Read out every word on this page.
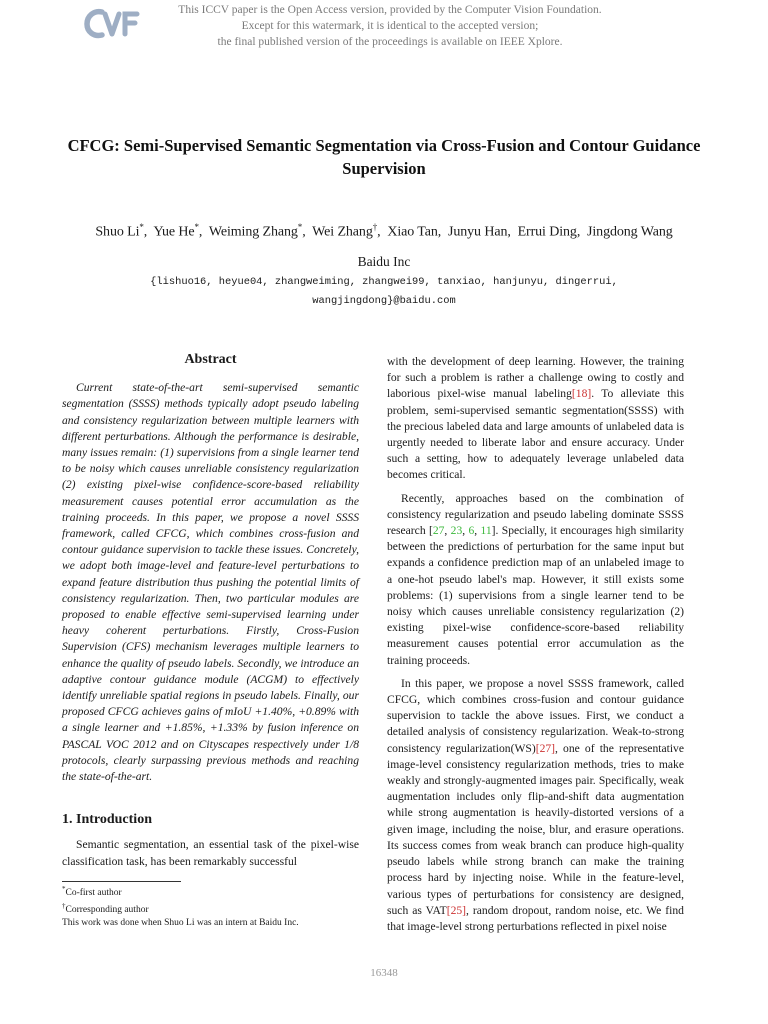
This ICCV paper is the Open Access version, provided by the Computer Vision Foundation.
Except for this watermark, it is identical to the accepted version;
the final published version of the proceedings is available on IEEE Xplore.
CFCG: Semi-Supervised Semantic Segmentation via Cross-Fusion and Contour Guidance Supervision
Shuo Li*,  Yue He*,  Weiming Zhang*,  Wei Zhang†,  Xiao Tan,  Junyu Han,  Errui Ding,  Jingdong Wang
Baidu Inc
{lishuo16, heyue04, zhangweiming, zhangwei99, tanxiao, hanjunyu, dingerrui,
wangjingdong}@baidu.com
Abstract

Current state-of-the-art semi-supervised semantic segmentation (SSSS) methods typically adopt pseudo labeling and consistency regularization between multiple learners with different perturbations. Although the performance is desirable, many issues remain: (1) supervisions from a single learner tend to be noisy which causes unreliable consistency regularization (2) existing pixel-wise confidence-score-based reliability measurement causes potential error accumulation as the training proceeds. In this paper, we propose a novel SSSS framework, called CFCG, which combines cross-fusion and contour guidance supervision to tackle these issues. Concretely, we adopt both image-level and feature-level perturbations to expand feature distribution thus pushing the potential limits of consistency regularization. Then, two particular modules are proposed to enable effective semi-supervised learning under heavy coherent perturbations. Firstly, Cross-Fusion Supervision (CFS) mechanism leverages multiple learners to enhance the quality of pseudo labels. Secondly, we introduce an adaptive contour guidance module (ACGM) to effectively identify unreliable spatial regions in pseudo labels. Finally, our proposed CFCG achieves gains of mIoU +1.40%, +0.89% with a single learner and +1.85%, +1.33% by fusion inference on PASCAL VOC 2012 and on Cityscapes respectively under 1/8 protocols, clearly surpassing previous methods and reaching the state-of-the-art.

1. Introduction

Semantic segmentation, an essential task of the pixel-wise classification task, has been remarkably successful

with the development of deep learning. However, the training for such a problem is rather a challenge owing to costly and laborious pixel-wise manual labeling[18]. To alleviate this problem, semi-supervised semantic segmentation(SSSS) with the precious labeled data and large amounts of unlabeled data is urgently needed to liberate labor and ensure accuracy. Under such a setting, how to adequately leverage unlabeled data becomes critical.

Recently, approaches based on the combination of consistency regularization and pseudo labeling dominate SSSS research [27, 23, 6, 11]. Specially, it encourages high similarity between the predictions of perturbation for the same input but expands a confidence prediction map of an unlabeled image to a one-hot pseudo label's map. However, it still exists some problems: (1) supervisions from a single learner tend to be noisy which causes unreliable consistency regularization (2) existing pixel-wise confidence-score-based reliability measurement causes potential error accumulation as the training proceeds.

In this paper, we propose a novel SSSS framework, called CFCG, which combines cross-fusion and contour guidance supervision to tackle the above issues. First, we conduct a detailed analysis of consistency regularization. Weak-to-strong consistency regularization(WS)[27], one of the representative image-level consistency regularization methods, tries to make weakly and strongly-augmented images pair. Specifically, weak augmentation includes only flip-and-shift data augmentation while strong augmentation is heavily-distorted versions of a given image, including the noise, blur, and erasure operations. Its success comes from weak branch can produce high-quality pseudo labels while strong branch can make the training process hard by injecting noise. While in the feature-level, various types of perturbations for consistency are designed, such as VAT[25], random dropout, random noise, etc. We find that image-level strong perturbations reflected in pixel noise

*Co-first author
†Corresponding author
This work was done when Shuo Li was an intern at Baidu Inc.
16348
